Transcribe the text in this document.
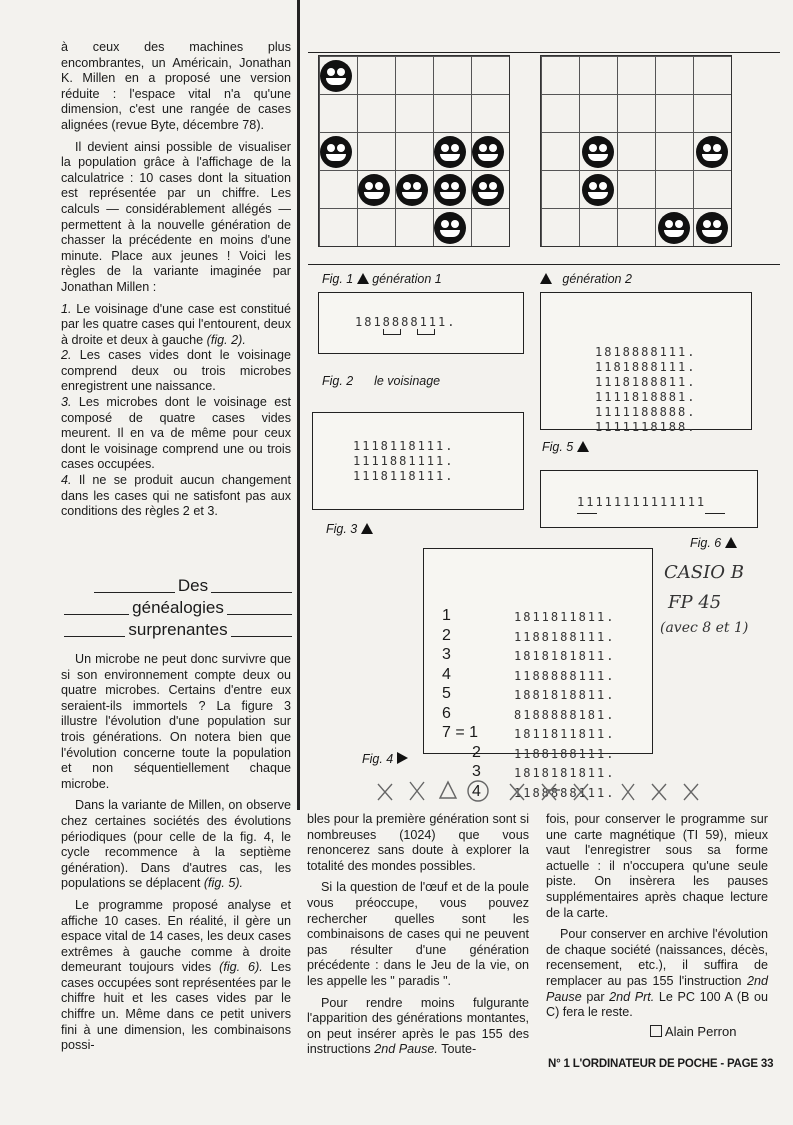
à ceux des machines plus encombrantes, un Américain, Jonathan K. Millen en a proposé une version réduite : l'espace vital n'a qu'une dimension, c'est une rangée de cases alignées (revue Byte, décembre 78).

Il devient ainsi possible de visualiser la population grâce à l'affichage de la calculatrice : 10 cases dont la situation est représentée par un chiffre. Les calculs — considérablement allégés — permettent à la nouvelle génération de chasser la précédente en moins d'une minute. Place aux jeunes ! Voici les règles de la variante imaginée par Jonathan Millen :

1. Le voisinage d'une case est constitué par les quatre cases qui l'entourent, deux à droite et deux à gauche (fig. 2).
2. Les cases vides dont le voisinage comprend deux ou trois microbes enregistrent une naissance.
3. Les microbes dont le voisinage est composé de quatre cases vides meurent. Il en va de même pour ceux dont le voisinage comprend une ou trois cases occupées.
4. Il ne se produit aucun changement dans les cases qui ne satisfont pas aux conditions des règles 2 et 3.
Des
généalogies
surprenantes

Un microbe ne peut donc survivre que si son environnement compte deux ou quatre microbes. Certains d'entre eux seraient-ils immortels ? La figure 3 illustre l'évolution d'une population sur trois générations. On notera bien que l'évolution concerne toute la population et non séquentiellement chaque microbe.

Dans la variante de Millen, on observe chez certaines sociétés des évolutions périodiques (pour celle de la fig. 4, le cycle recommence à la septième génération). Dans d'autres cas, les populations se déplacent (fig. 5).

Le programme proposé analyse et affiche 10 cases. En réalité, il gère un espace vital de 14 cases, les deux cases extrêmes à gauche comme à droite demeurant toujours vides (fig. 6). Les cases occupées sont représentées par le chiffre huit et les cases vides par le chiffre un. Même dans ce petit univers fini à une dimension, les combinaisons possi-

Fig. 1 génération 1	génération 2
1818888111.
Fig. 2 le voisinage
1118118111.
1111881111.
1118118111.
Fig. 3

1818888111.
1181888111.
1118188811.
1111818881.
1111188888.
1111118188.

Fig. 5
11111111111111
Fig. 6

1
2
3
4
5
6
7 = 1
2
3
4

1811811811.
1188188111.
1818181811.
1188888111.
1881818811.
8188888181.
1811811811.
1188188111.
1818181811.
1188888111.

Fig. 4
CASIO B
FP 45
(avec 8 et 1)

bles pour la première génération sont si nombreuses (1024) que vous renoncerez sans doute à explorer la totalité des mondes possibles.

Si la question de l'œuf et de la poule vous préoccupe, vous pouvez rechercher quelles sont les combinaisons de cases qui ne peuvent pas résulter d'une génération précédente : dans le Jeu de la vie, on les appelle les " paradis ".

Pour rendre moins fulgurante l'apparition des générations montantes, on peut insérer après le pas 155 des instructions 2nd Pause. Toute-

fois, pour conserver le programme sur une carte magnétique (TI 59), mieux vaut l'enregistrer sous sa forme actuelle : il n'occupera qu'une seule piste. On insèrera les pauses supplémentaires après chaque lecture de la carte.

Pour conserver en archive l'évolution de chaque société (naissances, décès, recensement, etc.), il suffira de remplacer au pas 155 l'instruction 2nd Pause par 2nd Prt. Le PC 100 A (B ou C) fera le reste.

Alain Perron
N° 1 L'ORDINATEUR DE POCHE - PAGE 33
